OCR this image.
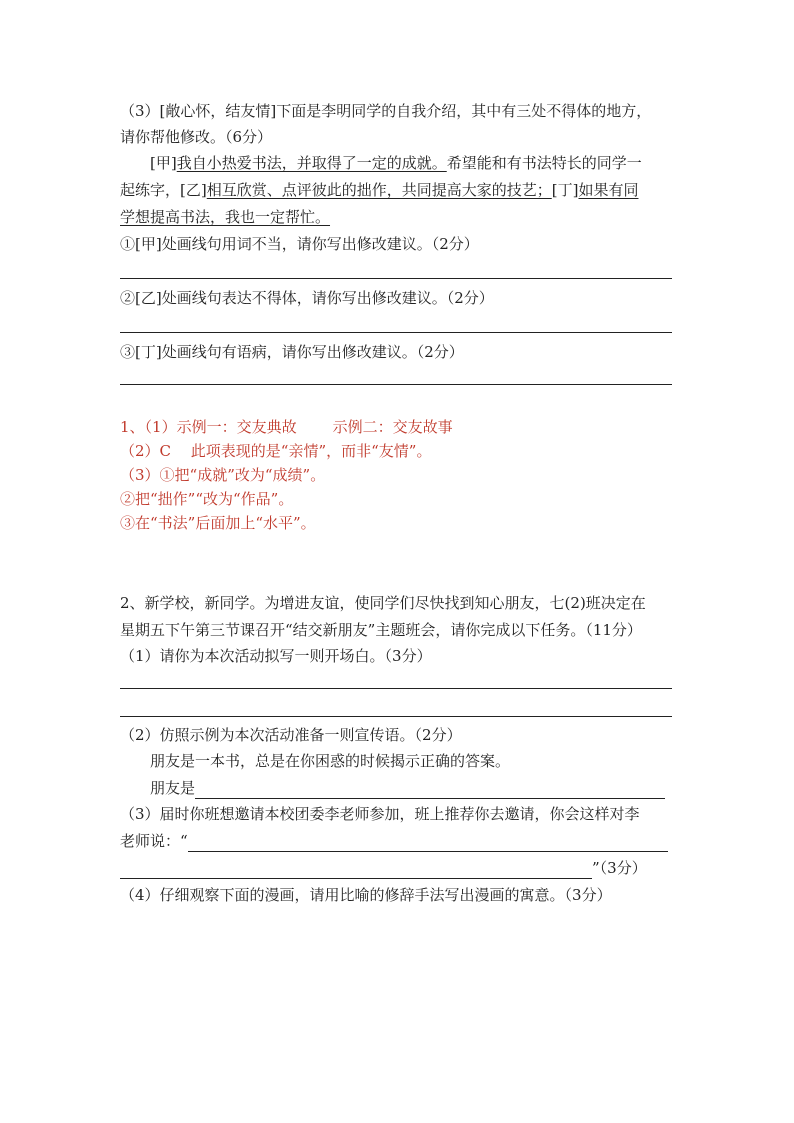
（3）[敞心怀，结友情]下面是李明同学的自我介绍，其中有三处不得体的地方，
请你帮他修改。（6分）
[甲]我自小热爱书法，并取得了一定的成就。希望能和有书法特长的同学一
起练字，[乙]相互欣赏、点评彼此的拙作，共同提高大家的技艺；[丁]如果有同
学想提高书法，我也一定帮忙。
①[甲]处画线句用词不当，请你写出修改建议。（2分）
②[乙]处画线句表达不得体，请你写出修改建议。（2分）
③[丁]处画线句有语病，请你写出修改建议。（2分）
1、（1）示例一：交友典故 示例二：交友故事
（2）C　 此项表现的是“亲情”，而非“友情”。
（3）①把“成就”改为“成绩”。
②把“拙作”“改为“作品”。
③在“书法”后面加上“水平”。
2、新学校，新同学。为增进友谊，使同学们尽快找到知心朋友，七(2)班决定在
星期五下午第三节课召开“结交新朋友”主题班会，请你完成以下任务。（11分）
（1）请你为本次活动拟写一则开场白。（3分）
（2）仿照示例为本次活动准备一则宣传语。（2分）
朋友是一本书，总是在你困惑的时候揭示正确的答案。
朋友是
（3）届时你班想邀请本校团委李老师参加，班上推荐你去邀请，你会这样对李
老师说：“
”（3分）
（4）仔细观察下面的漫画，请用比喻的修辞手法写出漫画的寓意。（3分）
